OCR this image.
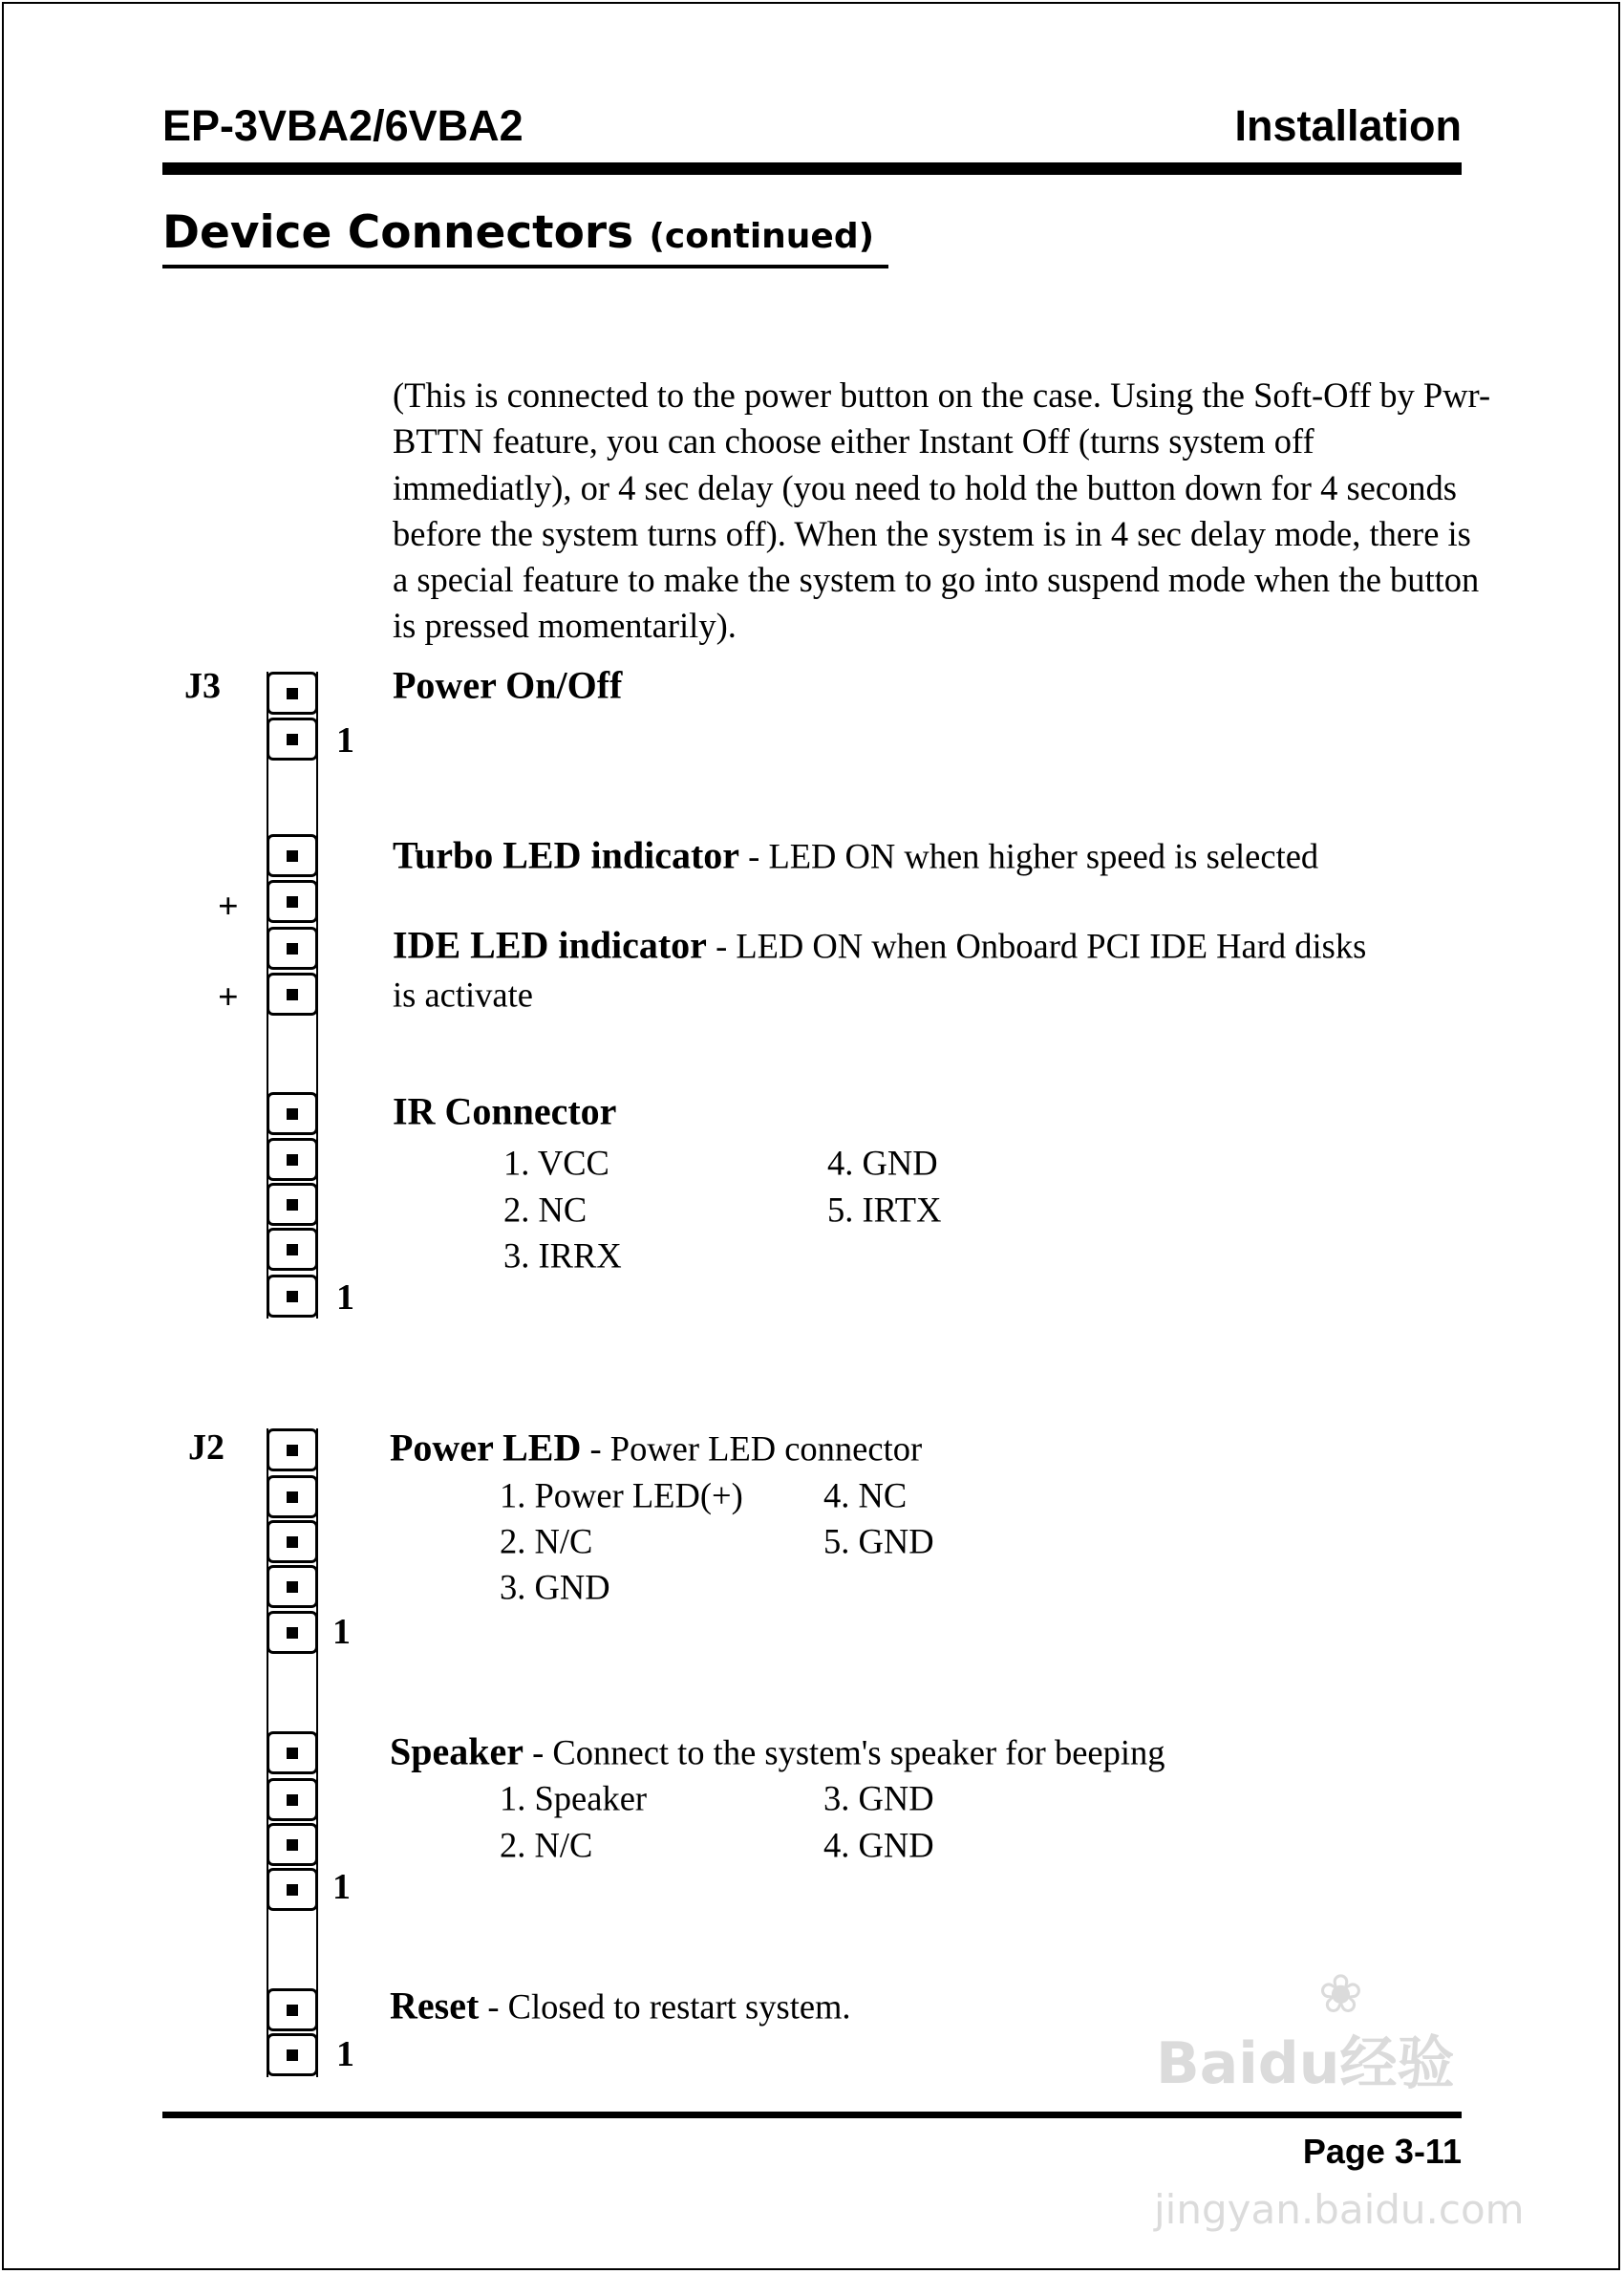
EP-3VBA2/6VBA2	Installation
Device Connectors (continued)
(This is connected to the power button on the case. Using the Soft-Off by Pwr-BTTN feature, you can choose either Instant Off (turns system off immediatly), or 4 sec delay (you need to hold the button down for 4 seconds before the system turns off). When the system is in 4 sec delay mode, there is a special feature to make the system to go into suspend mode when the button is pressed momentarily).
J3
1
+
+
1
Power On/Off
Turbo LED indicator - LED ON when higher speed is selected
IDE LED indicator - LED ON when Onboard PCI IDE Hard disks
is activate
IR Connector
1. VCC
2. NC
3. IRRX
4. GND
5. IRTX
J2
1
1
1
Power LED - Power LED connector
1. Power LED(+)
2. N/C
3. GND
4. NC
5. GND
Speaker - Connect to the system's speaker for beeping
1. Speaker
2. N/C
3. GND
4. GND
Reset - Closed to restart system.	❀
Baidu经验
jingyan.baidu.com
Page 3-11
